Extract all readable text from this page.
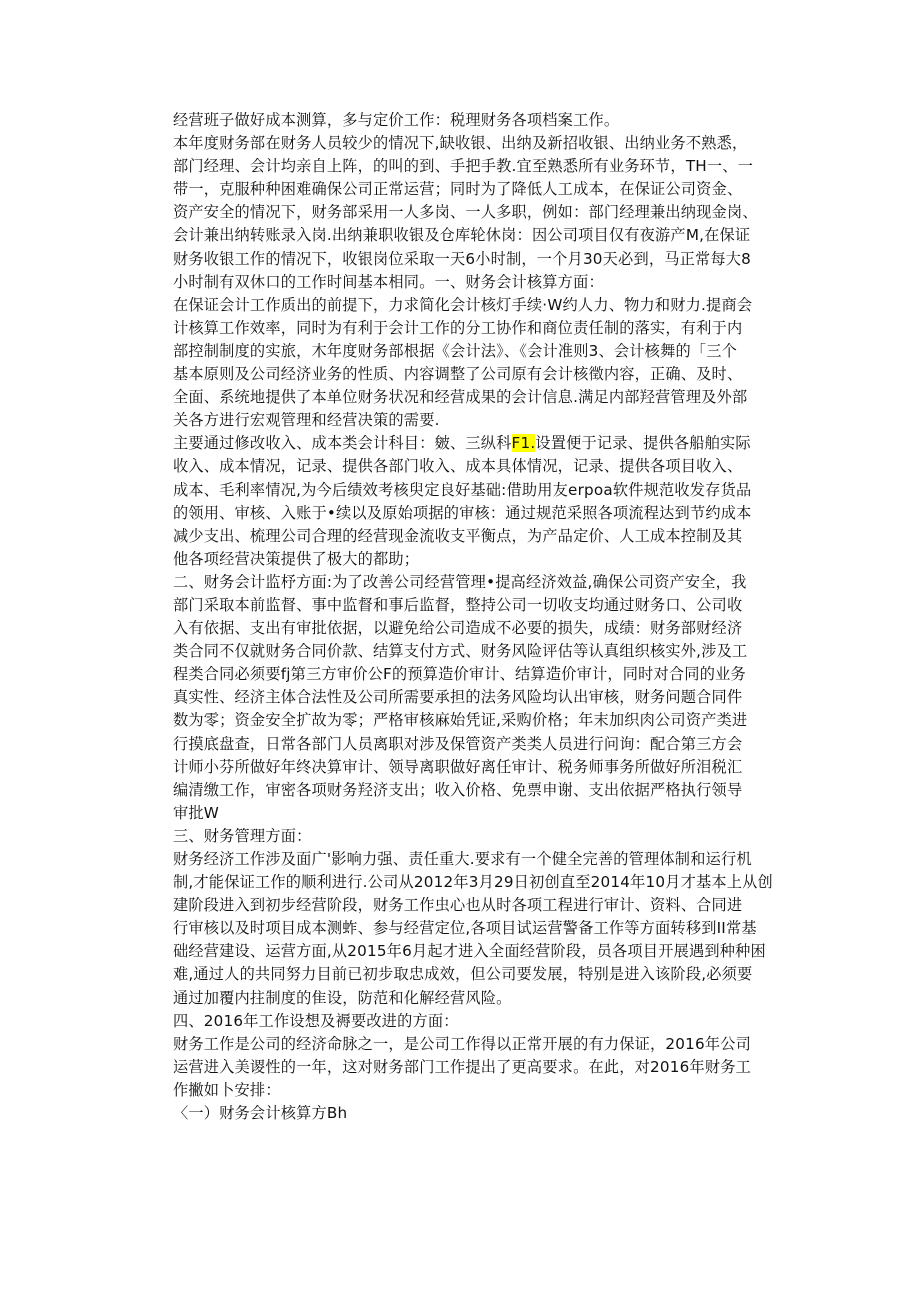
经营班子做好成本测算，多与定价工作：税理财务各项档案工作。
本年度财务部在财务人员较少的情况下,缺收银、出纳及新招收银、出纳业务不熟悉，
部门经理、会计均亲自上阵，的叫的到、手把手教.宜至熟悉所有业务环节，TH一、一
带一，克服种种困难确保公司正常运营；同时为了降低人工成本，在保证公司资金、
资产安全的情况下，财务部采用一人多岗、一人多职，例如：部门经理兼出纳现金岗、
会计兼出纳转账录入岗.出纳兼职收银及仓库轮休岗：因公司项目仅有夜游产M,在保证
财务收银工作的情况下，收银岗位采取一天6小时制，一个月30天必到，马正常每大8
小时制有双休口的工作时间基本相同。一、财务会计核算方面：
在保证会计工作质出的前提下，力求简化会计核灯手续·W约人力、物力和财力.提商会
计核算工作效率，同时为有利于会计工作的分工协作和商位责任制的落实，有利于内
部控制制度的实旅，木年度财务部根据《会计法》、《会计准则3、会计核舞的「三个
基本原则及公司经济业务的性质、内容调整了公司原有会计核徵内容，正确、及时、
全面、系统地提供了本单位财务状况和经营成果的会计信息.满足内部羟营管理及外部
关各方进行宏观管理和经营决策的需要.
主要通过修改收入、成本类会计科目：皴、三纵科F1.设置便于记录、提供各船舶实际
收入、成本情况，记录、提供各部门收入、成本具体情况，记录、提供各项目收入、
成本、毛利率情况,为今后绩效考核臾定良好基础:借助用友erpoa软件规范收发存货品
的领用、审核、入账于•续以及原始项据的审核：通过规范采照各项流程达到节约成本
减少支出、梳理公司合理的经营现金流收支平衡点，为产品定价、人工成本控制及其
他各项经营决策提供了极大的都助；
二、财务会计监杼方面:为了改善公司经营管理•提高经济效益,确保公司资产安全，我
部门采取本前监督、事中监督和事后监督，整持公司一切收支均通过财务口、公司收
入有依据、支出有审批依据，以避免给公司造成不必要的损失，成绩：财务部财经济
类合同不仅就财务合同价款、结算支付方式、财务风险评估等认真组织核实外,涉及工
程类合同必须要fj第三方审价公F的预算造价审计、结算造价审计，同时对合同的业务
真实性、经济主体合法性及公司所需要承担的法务风险均认出审核，财务问题合同件
数为零；资金安全扩故为零；严格审核麻始凭证,采购价格；年末加织肉公司资产类进
行摸底盘查，日常各部门人员离职对涉及保管资产类类人员进行问询：配合第三方会
计师小芬所做好年终决算审计、领导离职做好离任审计、税务师事务所做好所泪税汇
编清缴工作，审密各项财务羟济支出；收入价格、免票申谢、支出依据严格执行领导
审批W
三、财务管理方面：
财务经济工作涉及面广'影响力强、责任重大.要求有一个健全完善的管理体制和运行机
制,才能保证工作的顺利进行.公司从2012年3月29日初创直至2014年10月才基本上从创
建阶段进入到初步经营阶段，财务工作虫心也从时各项工程进行审计、资料、合同进
行审核以及时项目成本测蚱、参与经营定位,各项目试运营警备工作等方面转移到II常基
础经营建设、运营方面,从2015年6月起才进入全面经营阶段，员各项目开展遇到种种困
难,通过人的共同努力目前已初步取忠成效，但公司要发展，特别是进入该阶段,必须要
通过加覆内拄制度的隹设，防范和化解经营风险。
四、2016年工作设想及褥要改进的方面：
财务工作是公司的经济命脉之一，是公司工作得以正常开展的有力保证，2016年公司
运营进入美谡性的一年，这对财务部门工作提出了更高要求。在此，对2016年财务工
作撇如卜安排：
〈一）财务会计核算方Bh
